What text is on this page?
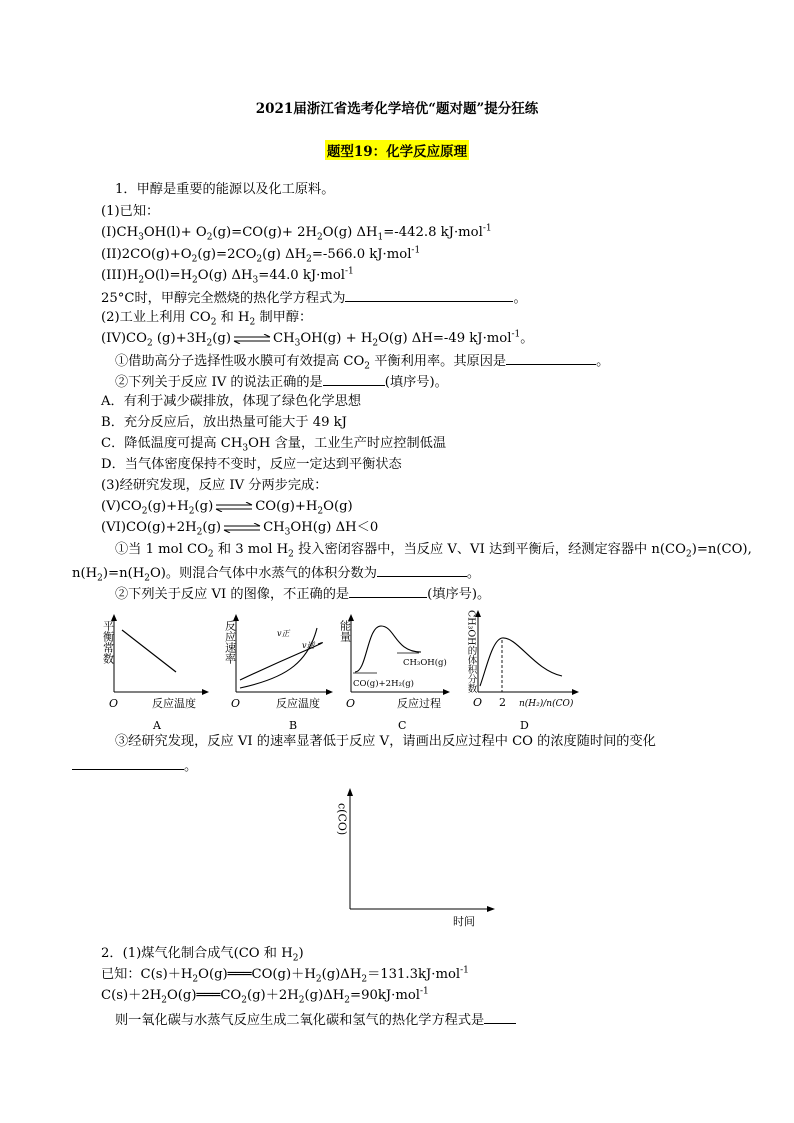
2021届浙江省选考化学培优“题对题”提分狂练
题型19：化学反应原理
1．甲醇是重要的能源以及化工原料。
(1)已知：
$(I)CH_3OH(l)+ O_2(g)=CO(g)+ 2H_2O(g)$ $\Delta H_1=-442.8$ kJ·mol$^{-1}$
$(II)2CO(g)+O_2(g)=2CO_2(g)$ $\Delta H_2=-566.0$ kJ·mol$^{-1}$
$(III)H_2O(l)=H_2O(g)$ $\Delta H_3=44.0$ kJ·mol$^{-1}$
25°C时，甲醇完全燃烧的热化学方程式为	。
(2)工业上利用 $CO_2$ 和 $H_2$ 制甲醇：
$(IV)CO_2$ $(g)+3H_2(g)$ ⇌ $CH_3OH(g) + H_2O(g)$ ΔH=-49 kJ·mol$^{-1}$。
①借助高分子选择性吸水膜可有效提高 $CO_2$ 平衡利用率。其原因是	。
②下列关于反应 IV 的说法正确的是	(填序号)。
A．有利于减少碳排放，体现了绿色化学思想
B．充分反应后，放出热量可能大于 49 kJ
C．降低温度可提高 $CH_3OH$ 含量，工业生产时应控制低温
D．当气体密度保持不变时，反应一定达到平衡状态
(3)经研究发现，反应 IV 分两步完成：
$(V)CO_2(g)+H_2(g)$ ⇌ $CO(g)+H_2O(g)$
$(VI)CO(g)+2H_2(g)$ ⇌ $CH_3OH(g)$ ΔH＜0
①当 1 mol $CO_2$ 和 3 mol $H_2$ 投入密闭容器中，当反应 V、VI 达到平衡后，经测定容器中 $n(CO_2)=n(CO)$,
$n(H_2)=n(H_2O)$。则混合气体中水蒸气的体积分数为	。
②下列关于反应 VI 的图像，不正确的是	(填序号)。
平衡常数
反应温度
O
A
反应速率	v正
v逆
反应温度
O
B
能量
CO(g)+2H₂(g)
CH₃OH(g)
反应过程
O
C
CH₃OH的体积分数
2 n(H₂)/n(CO)
O
D
③经研究发现，反应 VI 的速率显著低于反应 V，请画出反应过程中 CO 的浓度随时间的变化
。
c(CO)
时间
2．(1)煤气化制合成气(CO 和 $H_2$)
已知：$C(s)+H_2O(g)═══CO(g)+H_2(g)\Delta H_2=131.3kJ\cdot mol^{-1}$
$C(s)+2H_2O(g)═══CO_2(g)+2H_2(g)\Delta H_2=90kJ\cdot mol^{-1}$
则一氧化碳与水蒸气反应生成二氧化碳和氢气的热化学方程式是
